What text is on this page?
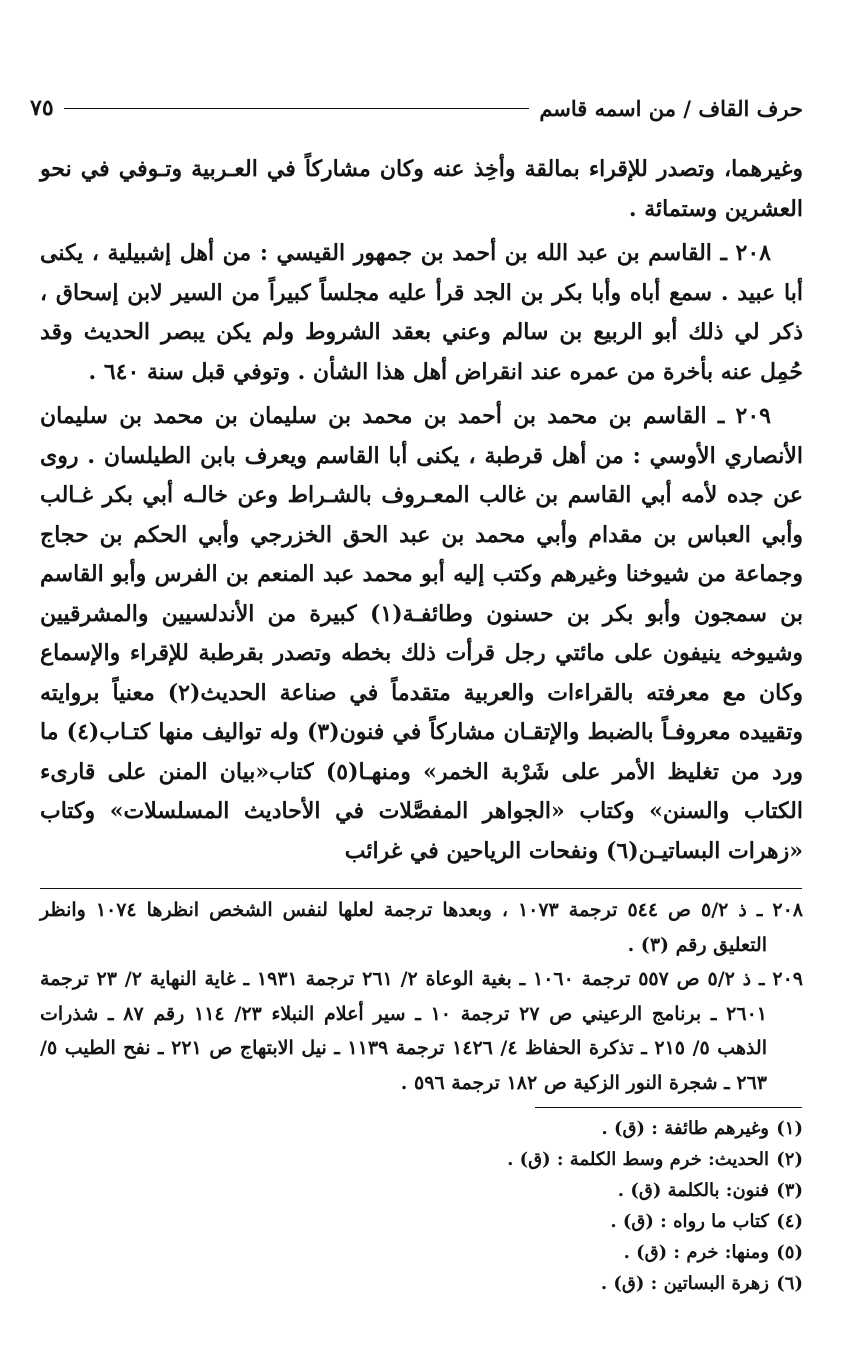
حرف القاف / من اسمه قاسم
٧٥

وغيرهما، وتصدر للإقراء بمالقة وأخِذ عنه وكان مشاركاً في العـربية وتـوفي في نحو العشرين وستمائة .

٢٠٨ ـ القاسم بن عبد الله بن أحمد بن جمهور القيسي : من أهل إشبيلية ، يكنى أبا عبيد . سمع أباه وأبا بكر بن الجد قرأ عليه مجلساً كبيراً من السير لابن إسحاق ، ذكر لي ذلك أبو الربيع بن سالم وعني بعقد الشروط ولم يكن يبصر الحديث وقد حُمِل عنه بأخرة من عمره عند انقراض أهل هذا الشأن . وتوفي قبل سنة ٦٤٠ .

٢٠٩ ـ القاسم بن محمد بن أحمد بن محمد بن سليمان بن محمد بن سليمان الأنصاري الأوسي : من أهل قرطبة ، يكنى أبا القاسم ويعرف بابن الطيلسان . روى عن جده لأمه أبي القاسم بن غالب المعـروف بالشـراط وعن خالـه أبي بكر غـالب وأبي العباس بن مقدام وأبي محمد بن عبد الحق الخزرجي وأبي الحكم بن حجاج وجماعة من شيوخنا وغيرهم وكتب إليه أبو محمد عبد المنعم بن الفرس وأبو القاسم بن سمجون وأبو بكر بن حسنون وطائفـة(١) كبيرة من الأندلسيين والمشرقيين وشيوخه ينيفون على مائتي رجل قرأت ذلك بخطه وتصدر بقرطبة للإقراء والإسماع وكان مع معرفته بالقراءات والعربية متقدماً في صناعة الحديث(٢) معنياً بروايته وتقييده معروفـاً بالضبط والإتقـان مشاركاً في فنون(٣) وله تواليف منها كتـاب(٤) ما ورد من تغليظ الأمر على شَرْبة الخمر» ومنهـا(٥) كتاب«بيان المنن على قارىء الكتاب والسنن» وكتاب «الجواهر المفصَّلات في الأحاديث المسلسلات» وكتاب «زهرات البساتيـن(٦) ونفحات الرياحين في غرائب

٢٠٨ ـ ذ ٥/٢ ص ٥٤٤ ترجمة ١٠٧٣ ، وبعدها ترجمة لعلها لنفس الشخص انظرها ١٠٧٤ وانظر التعليق رقم (٣) .

٢٠٩ ـ ذ ٥/٢ ص ٥٥٧ ترجمة ١٠٦٠ ـ بغية الوعاة ٢/ ٢٦١ ترجمة ١٩٣١ ـ غاية النهاية ٢/ ٢٣ ترجمة ٢٦٠١ ـ برنامج الرعيني ص ٢٧ ترجمة ١٠ ـ سير أعلام النبلاء ٢٣/ ١١٤ رقم ٨٧ ـ شذرات الذهب ٥/ ٢١٥ ـ تذكرة الحفاظ ٤/ ١٤٢٦ ترجمة ١١٣٩ ـ نيل الابتهاج ص ٢٢١ ـ نفح الطيب ٥/ ٢٦٣ ـ شجرة النور الزكية ص ١٨٢ ترجمة ٥٩٦ .

(١)
وغيرهم طائفة : (ق) .
(٢)
الحديث: خرم وسط الكلمة : (ق) .
(٣)
فنون: بالكلمة (ق) .
(٤)
كتاب ما رواه : (ق) .
(٥)
ومنها: خرم : (ق) .
(٦)
زهرة البساتين : (ق) .
